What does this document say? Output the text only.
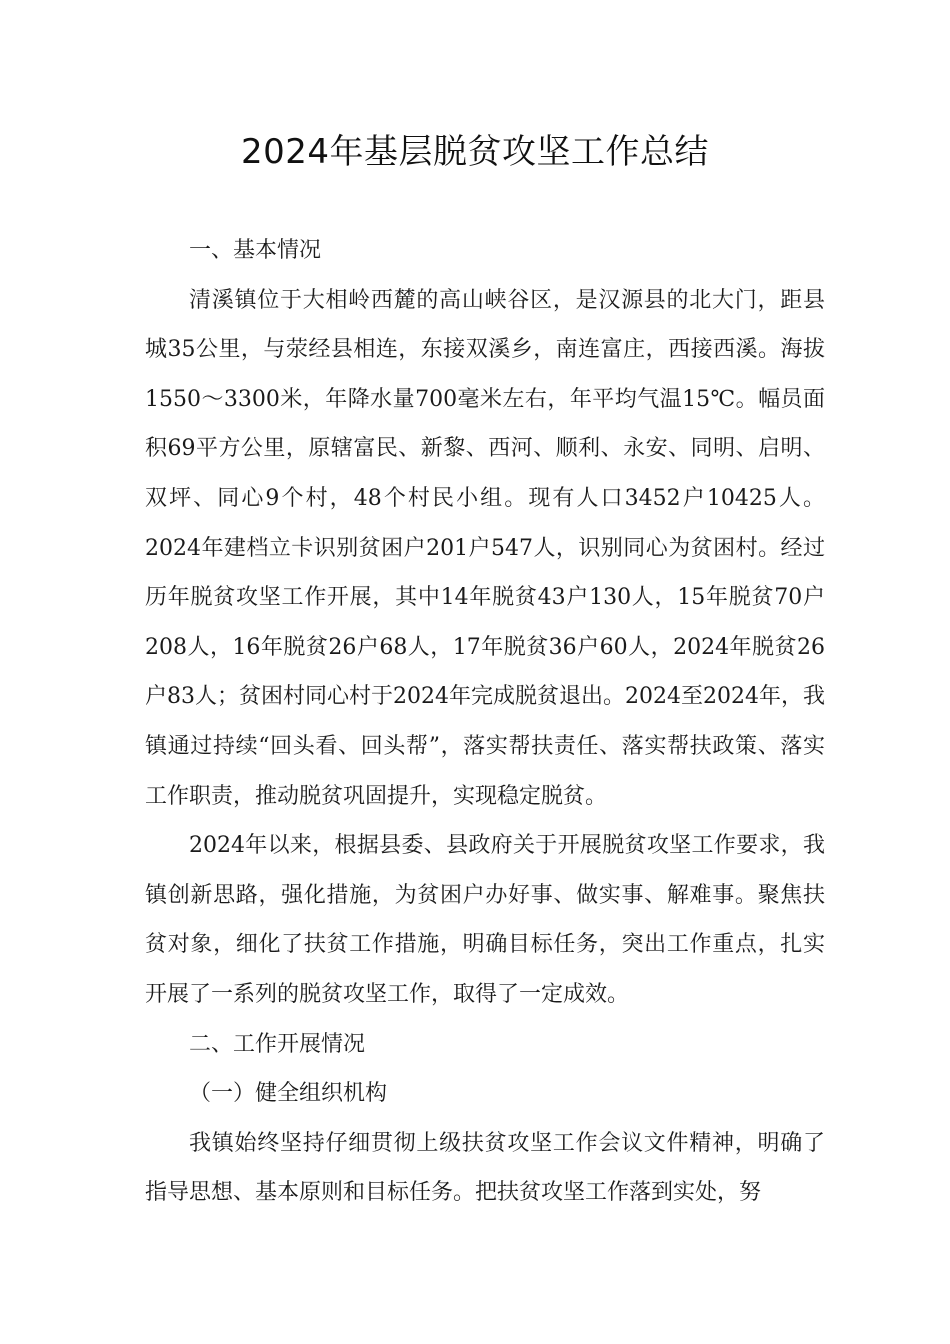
2024年基层脱贫攻坚工作总结

一、基本情况

清溪镇位于大相岭西麓的高山峡谷区，是汉源县的北大门，距县城35公里，与荥经县相连，东接双溪乡，南连富庄，西接西溪。海拔1550～3300米，年降水量700毫米左右，年平均气温15℃。幅员面积69平方公里，原辖富民、新黎、西河、顺利、永安、同明、启明、双坪、同心9个村，48个村民小组。现有人口3452户10425人。2024年建档立卡识别贫困户201户547人，识别同心为贫困村。经过历年脱贫攻坚工作开展，其中14年脱贫43户130人，15年脱贫70户208人，16年脱贫26户68人，17年脱贫36户60人，2024年脱贫26户83人；贫困村同心村于2024年完成脱贫退出。2024至2024年，我镇通过持续“回头看、回头帮”，落实帮扶责任、落实帮扶政策、落实工作职责，推动脱贫巩固提升，实现稳定脱贫。

2024年以来，根据县委、县政府关于开展脱贫攻坚工作要求，我镇创新思路，强化措施，为贫困户办好事、做实事、解难事。聚焦扶贫对象，细化了扶贫工作措施，明确目标任务，突出工作重点，扎实开展了一系列的脱贫攻坚工作，取得了一定成效。

二、工作开展情况

（一）健全组织机构

我镇始终坚持仔细贯彻上级扶贫攻坚工作会议文件精神，明确了指导思想、基本原则和目标任务。把扶贫攻坚工作落到实处，努
